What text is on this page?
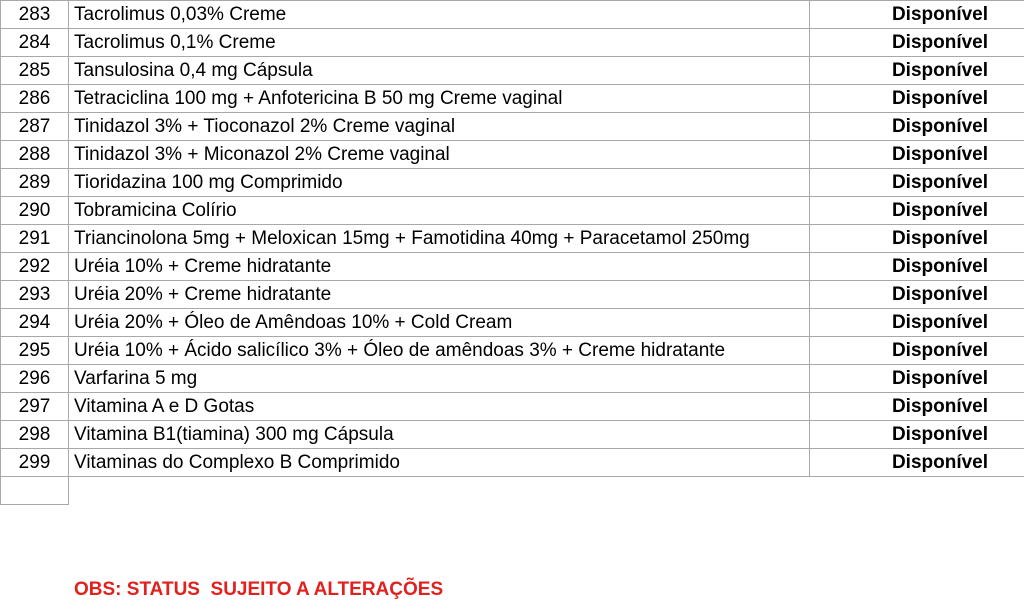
283	Tacrolimus 0,03% Creme	Disponível
284	Tacrolimus 0,1% Creme	Disponível
285	Tansulosina 0,4 mg Cápsula	Disponível
286	Tetraciclina 100 mg + Anfotericina B 50 mg Creme vaginal	Disponível
287	Tinidazol 3% + Tioconazol 2% Creme vaginal	Disponível
288	Tinidazol 3% + Miconazol 2% Creme vaginal	Disponível
289	Tioridazina 100 mg Comprimido	Disponível
290	Tobramicina Colírio	Disponível
291	Triancinolona 5mg + Meloxican 15mg + Famotidina 40mg + Paracetamol 250mg	Disponível
292	Uréia 10% + Creme hidratante	Disponível
293	Uréia 20% + Creme hidratante	Disponível
294	Uréia 20% + Óleo de Amêndoas 10% + Cold Cream	Disponível
295	Uréia 10% + Ácido salicílico 3% + Óleo de amêndoas 3% + Creme hidratante	Disponível
296	Varfarina 5 mg	Disponível
297	Vitamina A e D Gotas	Disponível
298	Vitamina B1(tiamina) 300 mg Cápsula	Disponível
299	Vitaminas do Complexo B Comprimido	Disponível

OBS: STATUS  SUJEITO A ALTERAÇÕES
